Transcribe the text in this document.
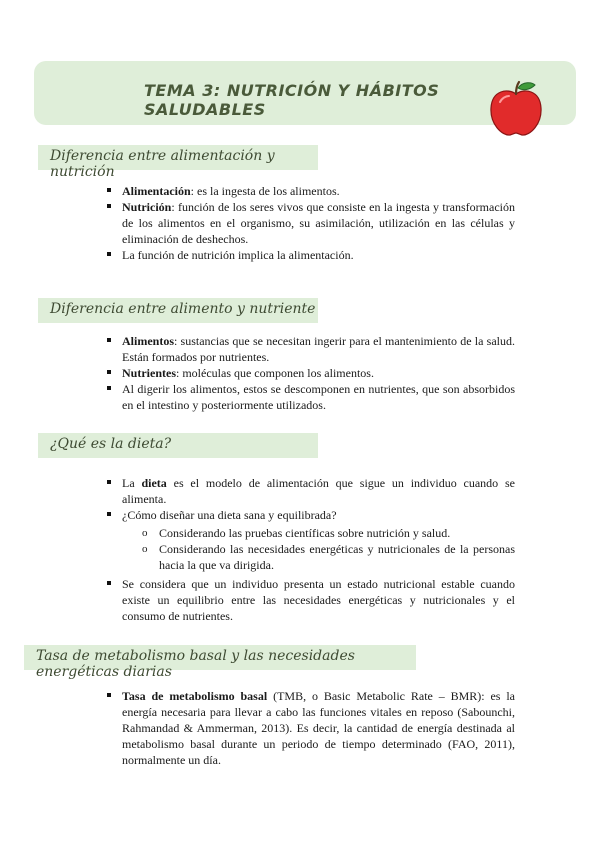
TEMA 3: NUTRICIÓN Y HÁBITOS SALUDABLES
Diferencia entre alimentación y nutrición
Alimentación: es la ingesta de los alimentos.
Nutrición: función de los seres vivos que consiste en la ingesta y transformación de los alimentos en el organismo, su asimilación, utilización en las células y eliminación de deshechos.
La función de nutrición implica la alimentación.
Diferencia entre alimento y nutriente
Alimentos: sustancias que se necesitan ingerir para el mantenimiento de la salud. Están formados por nutrientes.
Nutrientes: moléculas que componen los alimentos.
Al digerir los alimentos, estos se descomponen en nutrientes, que son absorbidos en el intestino y posteriormente utilizados.
¿Qué es la dieta?
La dieta es el modelo de alimentación que sigue un individuo cuando se alimenta.
¿Cómo diseñar una dieta sana y equilibrada?
o Considerando las pruebas científicas sobre nutrición y salud.
o Considerando las necesidades energéticas y nutricionales de la personas hacia la que va dirigida.
Se considera que un individuo presenta un estado nutricional estable cuando existe un equilibrio entre las necesidades energéticas y nutricionales y el consumo de nutrientes.
Tasa de metabolismo basal y las necesidades energéticas diarias
Tasa de metabolismo basal (TMB, o Basic Metabolic Rate – BMR): es la energía necesaria para llevar a cabo las funciones vitales en reposo (Sabounchi, Rahmandad & Ammerman, 2013). Es decir, la cantidad de energía destinada al metabolismo basal durante un periodo de tiempo determinado (FAO, 2011), normalmente un día.
